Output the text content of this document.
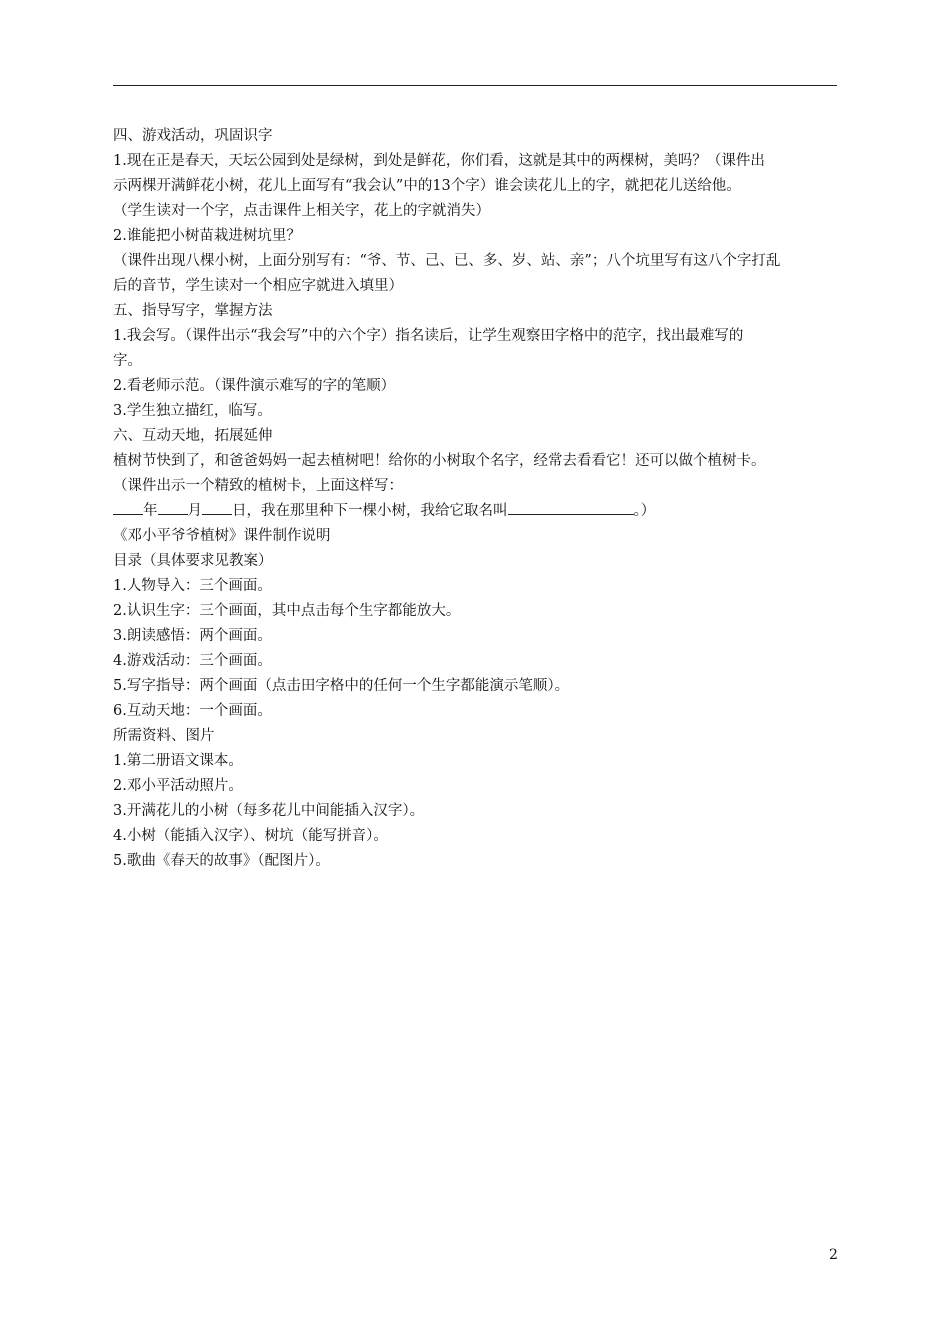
四、游戏活动，巩固识字

1.现在正是春天，天坛公园到处是绿树，到处是鲜花，你们看，这就是其中的两棵树，美吗？（课件出

示两棵开满鲜花小树，花儿上面写有“我会认”中的13个字）谁会读花儿上的字，就把花儿送给他。

（学生读对一个字，点击课件上相关字，花上的字就消失）

2.谁能把小树苗栽进树坑里？

（课件出现八棵小树，上面分别写有：“爷、节、己、已、多、岁、站、亲”；八个坑里写有这八个字打乱

后的音节，学生读对一个相应字就进入填里）

五、指导写字，掌握方法

1.我会写。（课件出示“我会写”中的六个字）指名读后，让学生观察田字格中的范字，找出最难写的

字。

2.看老师示范。（课件演示难写的字的笔顺）

3.学生独立描红，临写。

六、互动天地，拓展延伸

植树节快到了，和爸爸妈妈一起去植树吧！给你的小树取个名字，经常去看看它！还可以做个植树卡。

（课件出示一个精致的植树卡，上面这样写：

年 月 日，我在那里种下一棵小树，我给它取名叫	。）

《邓小平爷爷植树》课件制作说明

目录（具体要求见教案）

1.人物导入：三个画面。

2.认识生字：三个画面，其中点击每个生字都能放大。

3.朗读感悟：两个画面。

4.游戏活动：三个画面。

5.写字指导：两个画面（点击田字格中的任何一个生字都能演示笔顺）。

6.互动天地：一个画面。

所需资料、图片

1.第二册语文课本。

2.邓小平活动照片。

3.开满花儿的小树（每多花儿中间能插入汉字）。

4.小树（能插入汉字）、树坑（能写拼音）。

5.歌曲《春天的故事》（配图片）。

2
